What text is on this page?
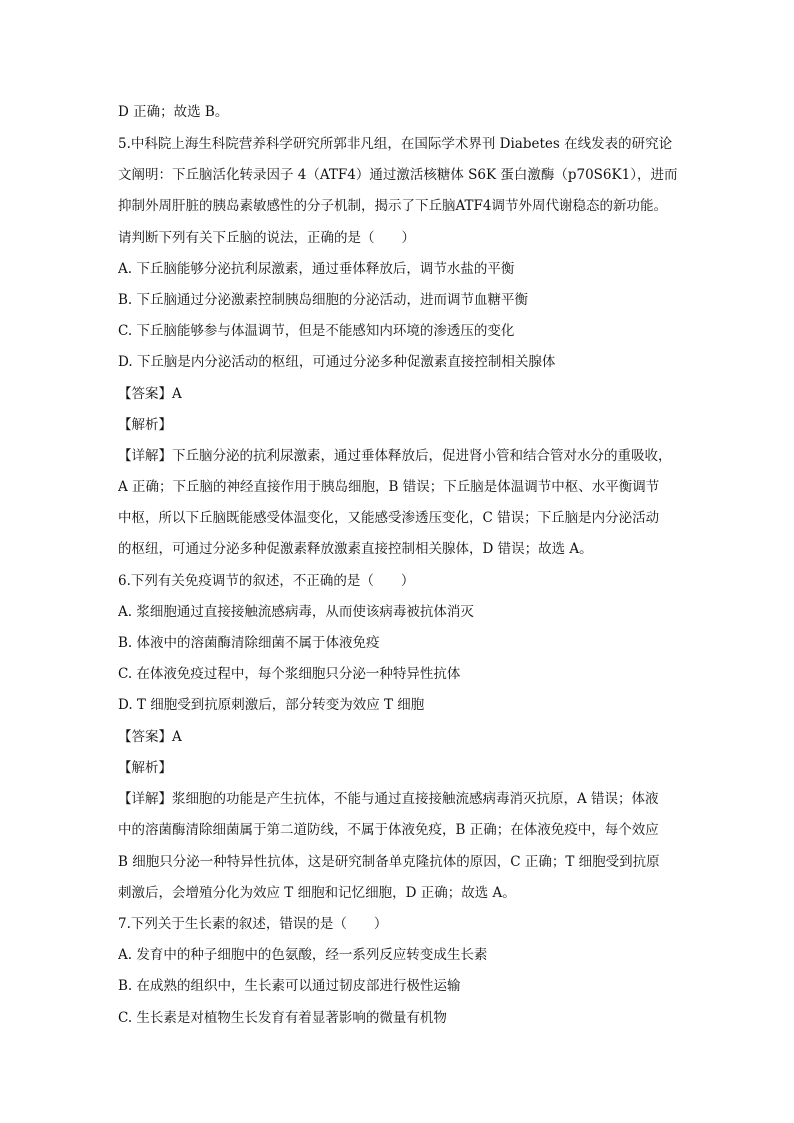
D 正确；故选 B。
5.中科院上海生科院营养科学研究所郭非凡组，在国际学术界刊 Diabetes 在线发表的研究论
文阐明：下丘脑活化转录因子 4（ATF4）通过激活核糖体 S6K 蛋白激酶（p70S6K1），进而
抑制外周肝脏的胰岛素敏感性的分子机制，揭示了下丘脑ATF4调节外周代谢稳态的新功能。
请判断下列有关下丘脑的说法，正确的是（　　）
A. 下丘脑能够分泌抗利尿激素，通过垂体释放后，调节水盐的平衡
B. 下丘脑通过分泌激素控制胰岛细胞的分泌活动，进而调节血糖平衡
C. 下丘脑能够参与体温调节，但是不能感知内环境的渗透压的变化
D. 下丘脑是内分泌活动的枢纽，可通过分泌多种促激素直接控制相关腺体
【答案】A
【解析】
【详解】下丘脑分泌的抗利尿激素，通过垂体释放后，促进肾小管和结合管对水分的重吸收，
A 正确；下丘脑的神经直接作用于胰岛细胞，B 错误；下丘脑是体温调节中枢、水平衡调节
中枢，所以下丘脑既能感受体温变化，又能感受渗透压变化，C 错误；下丘脑是内分泌活动
的枢纽，可通过分泌多种促激素释放激素直接控制相关腺体，D 错误；故选 A。
6.下列有关免疫调节的叙述，不正确的是（　　）
A. 浆细胞通过直接接触流感病毒，从而使该病毒被抗体消灭
B. 体液中的溶菌酶清除细菌不属于体液免疫
C. 在体液免疫过程中，每个浆细胞只分泌一种特异性抗体
D. T 细胞受到抗原刺激后，部分转变为效应 T 细胞
【答案】A
【解析】
【详解】浆细胞的功能是产生抗体，不能与通过直接接触流感病毒消灭抗原，A 错误；体液
中的溶菌酶清除细菌属于第二道防线，不属于体液免疫，B 正确；在体液免疫中，每个效应
B 细胞只分泌一种特异性抗体，这是研究制备单克隆抗体的原因，C 正确；T 细胞受到抗原
刺激后，会增殖分化为效应 T 细胞和记忆细胞，D 正确；故选 A。
7.下列关于生长素的叙述，错误的是（　　）
A. 发育中的种子细胞中的色氨酸，经一系列反应转变成生长素
B. 在成熟的组织中，生长素可以通过韧皮部进行极性运输
C. 生长素是对植物生长发育有着显著影响的微量有机物
